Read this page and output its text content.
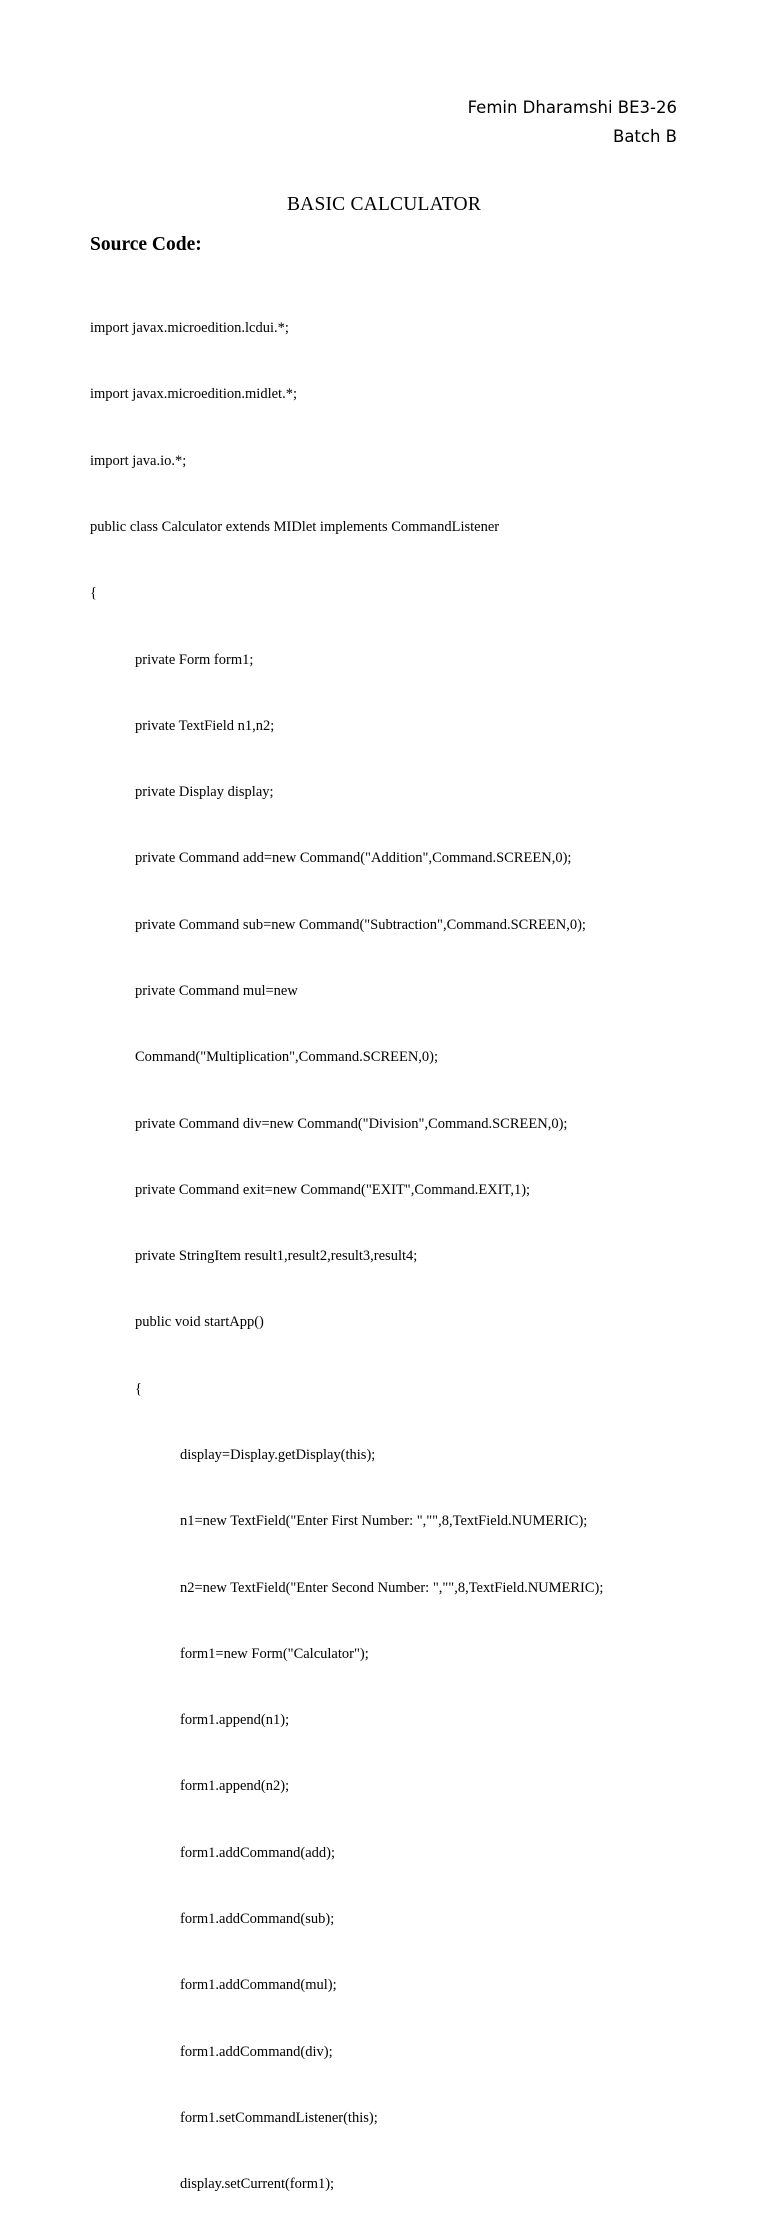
Femin Dharamshi BE3-26
Batch B
BASIC CALCULATOR
Source Code:

import javax.microedition.lcdui.*;

import javax.microedition.midlet.*;

import java.io.*;

public class Calculator extends MIDlet implements CommandListener

{

private Form form1;

private TextField n1,n2;

private Display display;

private Command add=new Command("Addition",Command.SCREEN,0);

private Command sub=new Command("Subtraction",Command.SCREEN,0);

private Command mul=new

Command("Multiplication",Command.SCREEN,0);

private Command div=new Command("Division",Command.SCREEN,0);

private Command exit=new Command("EXIT",Command.EXIT,1);

private StringItem result1,result2,result3,result4;

public void startApp()

{

display=Display.getDisplay(this);

n1=new TextField("Enter First Number: ","",8,TextField.NUMERIC);

n2=new TextField("Enter Second Number: ","",8,TextField.NUMERIC);

form1=new Form("Calculator");

form1.append(n1);

form1.append(n2);

form1.addCommand(add);

form1.addCommand(sub);

form1.addCommand(mul);

form1.addCommand(div);

form1.setCommandListener(this);

display.setCurrent(form1);
